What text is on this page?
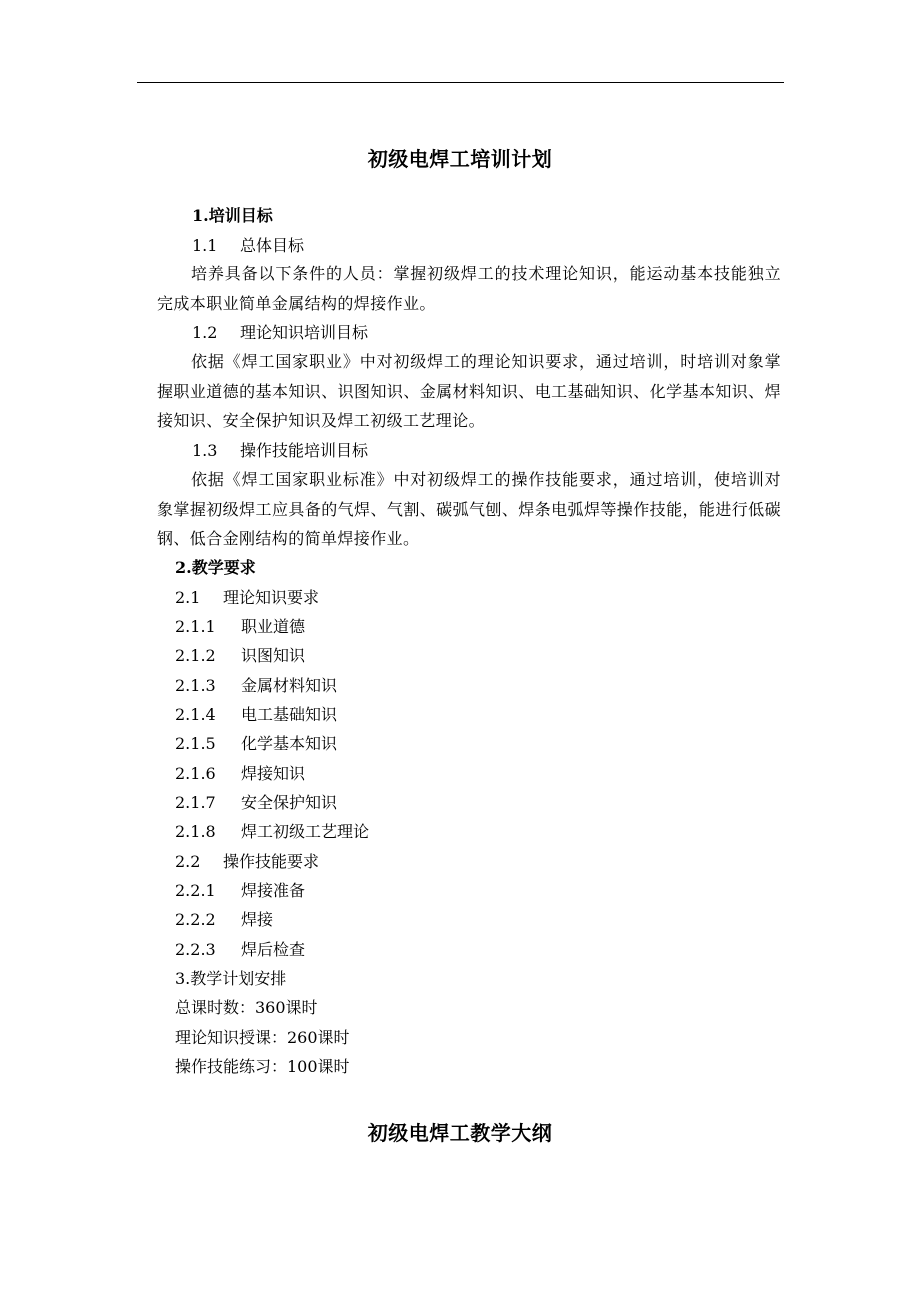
初级电焊工培训计划
1.培训目标
1.1 总体目标
培养具备以下条件的人员：掌握初级焊工的技术理论知识，能运动基本技能独立完成本职业简单金属结构的焊接作业。
1.2 理论知识培训目标
依据《焊工国家职业》中对初级焊工的理论知识要求，通过培训，时培训对象掌握职业道德的基本知识、识图知识、金属材料知识、电工基础知识、化学基本知识、焊接知识、安全保护知识及焊工初级工艺理论。
1.3 操作技能培训目标
依据《焊工国家职业标准》中对初级焊工的操作技能要求，通过培训，使培训对象掌握初级焊工应具备的气焊、气割、碳弧气刨、焊条电弧焊等操作技能，能进行低碳钢、低合金刚结构的简单焊接作业。
2.教学要求
2.1 理论知识要求
2.1.1 职业道德
2.1.2 识图知识
2.1.3 金属材料知识
2.1.4 电工基础知识
2.1.5 化学基本知识
2.1.6 焊接知识
2.1.7 安全保护知识
2.1.8 焊工初级工艺理论
2.2 操作技能要求
2.2.1 焊接准备
2.2.2 焊接
2.2.3 焊后检查
3.教学计划安排
总课时数：360课时
理论知识授课：260课时
操作技能练习：100课时
初级电焊工教学大纲
